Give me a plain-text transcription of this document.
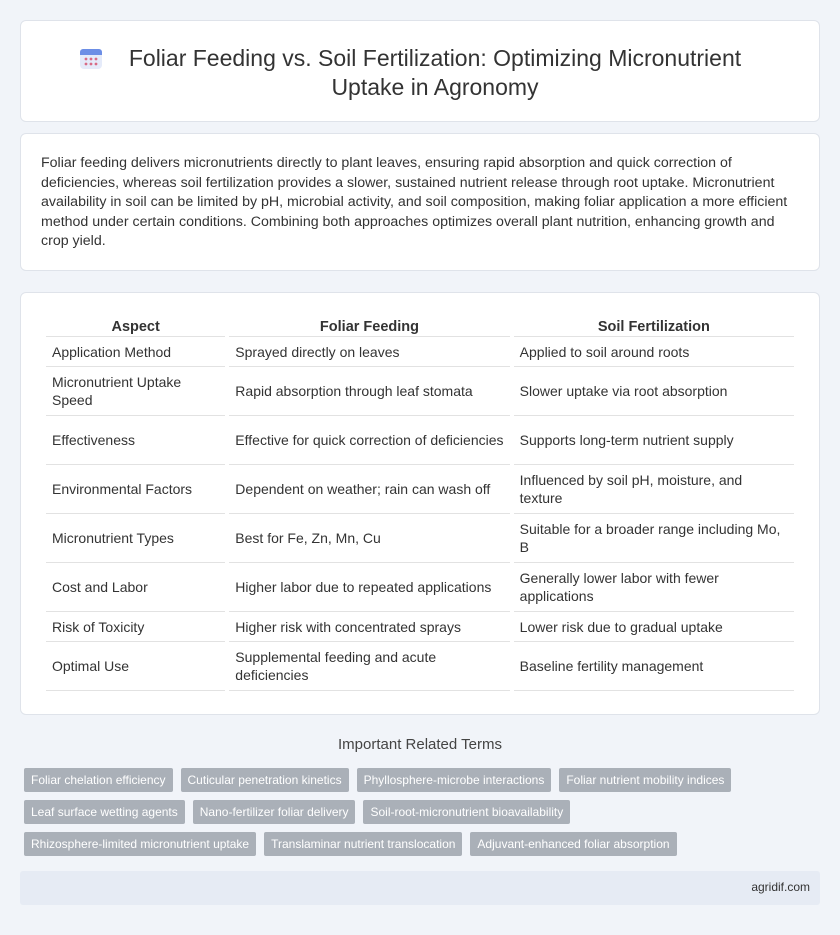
Foliar Feeding vs. Soil Fertilization: Optimizing Micronutrient Uptake in Agronomy

Foliar feeding delivers micronutrients directly to plant leaves, ensuring rapid absorption and quick correction of deficiencies, whereas soil fertilization provides a slower, sustained nutrient release through root uptake. Micronutrient availability in soil can be limited by pH, microbial activity, and soil composition, making foliar application a more efficient method under certain conditions. Combining both approaches optimizes overall plant nutrition, enhancing growth and crop yield.

Aspect	Foliar Feeding	Soil Fertilization
Application Method	Sprayed directly on leaves	Applied to soil around roots
Micronutrient Uptake Speed	Rapid absorption through leaf stomata	Slower uptake via root absorption
Effectiveness	Effective for quick correction of deficiencies	Supports long-term nutrient supply
Environmental Factors	Dependent on weather; rain can wash off	Influenced by soil pH, moisture, and texture
Micronutrient Types	Best for Fe, Zn, Mn, Cu	Suitable for a broader range including Mo, B
Cost and Labor	Higher labor due to repeated applications	Generally lower labor with fewer applications
Risk of Toxicity	Higher risk with concentrated sprays	Lower risk due to gradual uptake
Optimal Use	Supplemental feeding and acute deficiencies	Baseline fertility management
Important Related Terms
Foliar chelation efficiency	Cuticular penetration kinetics	Phyllosphere-microbe interactions	Foliar nutrient mobility indices
Leaf surface wetting agents	Nano-fertilizer foliar delivery	Soil-root-micronutrient bioavailability
Rhizosphere-limited micronutrient uptake	Translaminar nutrient translocation	Adjuvant-enhanced foliar absorption
agridif.com
